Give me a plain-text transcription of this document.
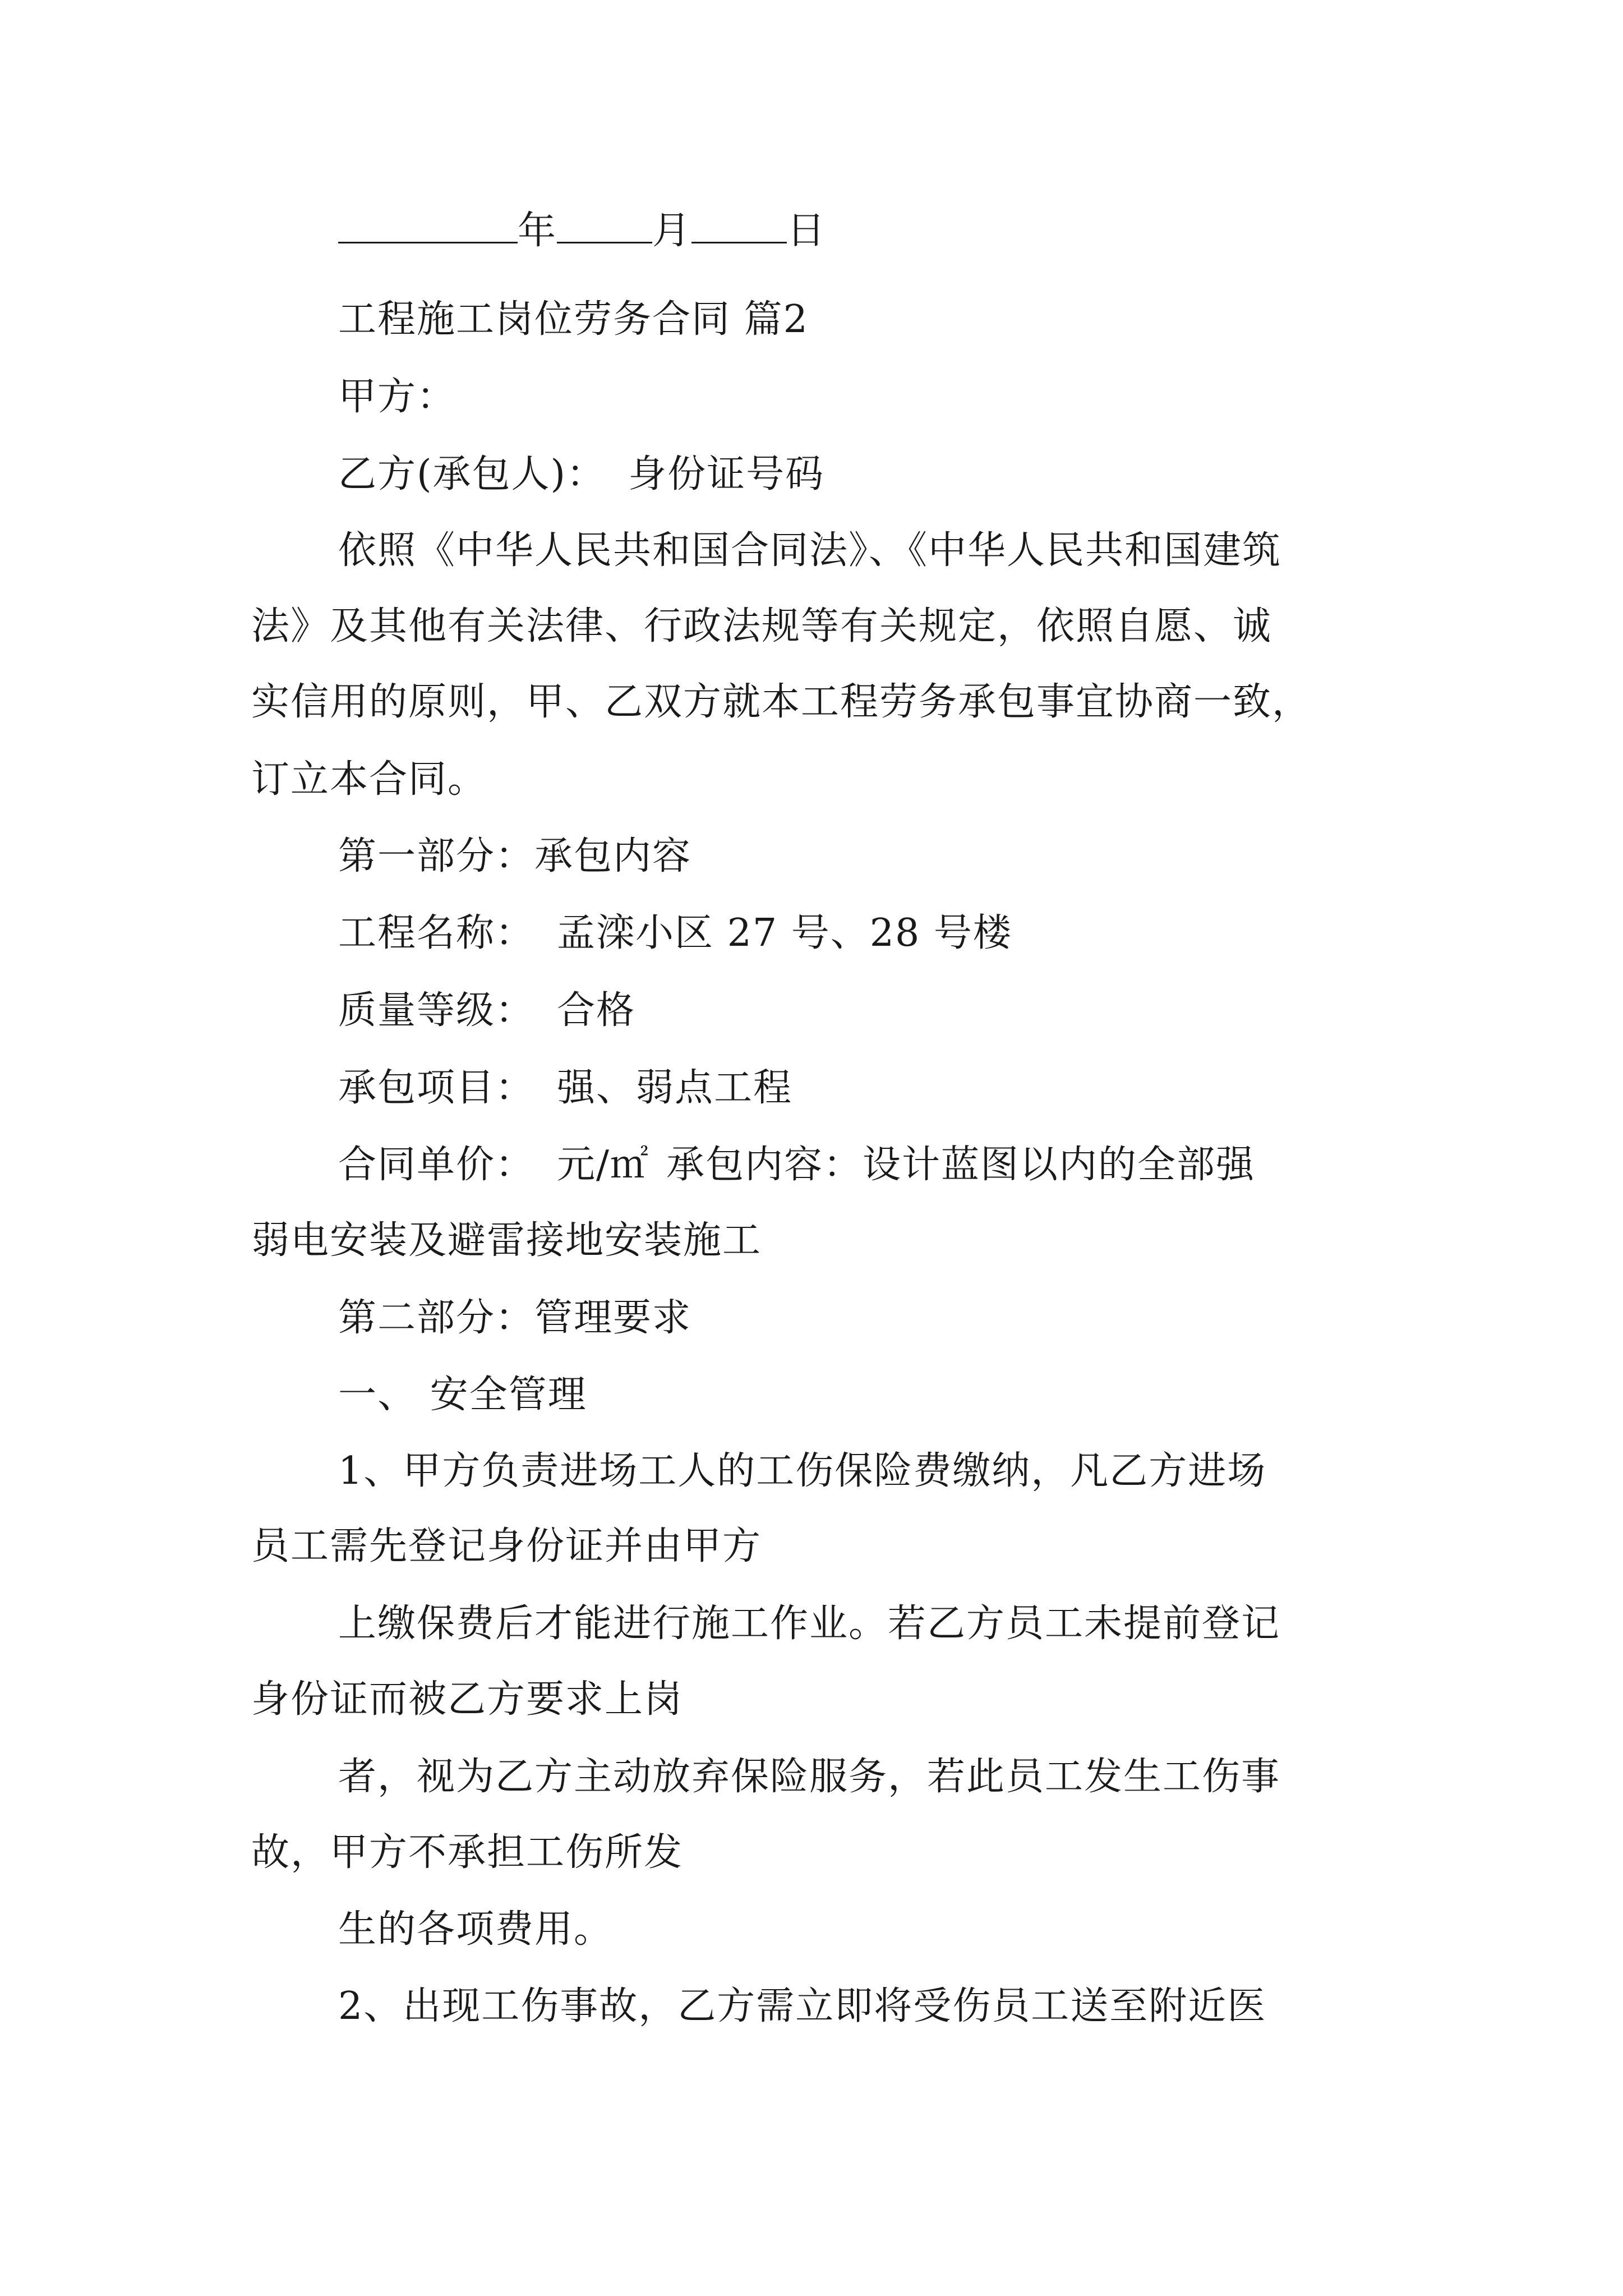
年	月	日
工程施工岗位劳务合同 篇2
甲方：
乙方(承包人)： 身份证号码
依照《中华人民共和国合同法》、《中华人民共和国建筑
法》及其他有关法律、行政法规等有关规定，依照自愿、诚
实信用的原则，甲、乙双方就本工程劳务承包事宜协商一致，
订立本合同。
第一部分：承包内容
工程名称： 孟滦小区 27 号、28 号楼
质量等级： 合格
承包项目： 强、弱点工程
合同单价： 元/㎡ 承包内容：设计蓝图以内的全部强
弱电安装及避雷接地安装施工
第二部分：管理要求
一、 安全管理
1、甲方负责进场工人的工伤保险费缴纳，凡乙方进场
员工需先登记身份证并由甲方
上缴保费后才能进行施工作业。若乙方员工未提前登记
身份证而被乙方要求上岗
者，视为乙方主动放弃保险服务，若此员工发生工伤事
故，甲方不承担工伤所发
生的各项费用。
2、出现工伤事故，乙方需立即将受伤员工送至附近医
